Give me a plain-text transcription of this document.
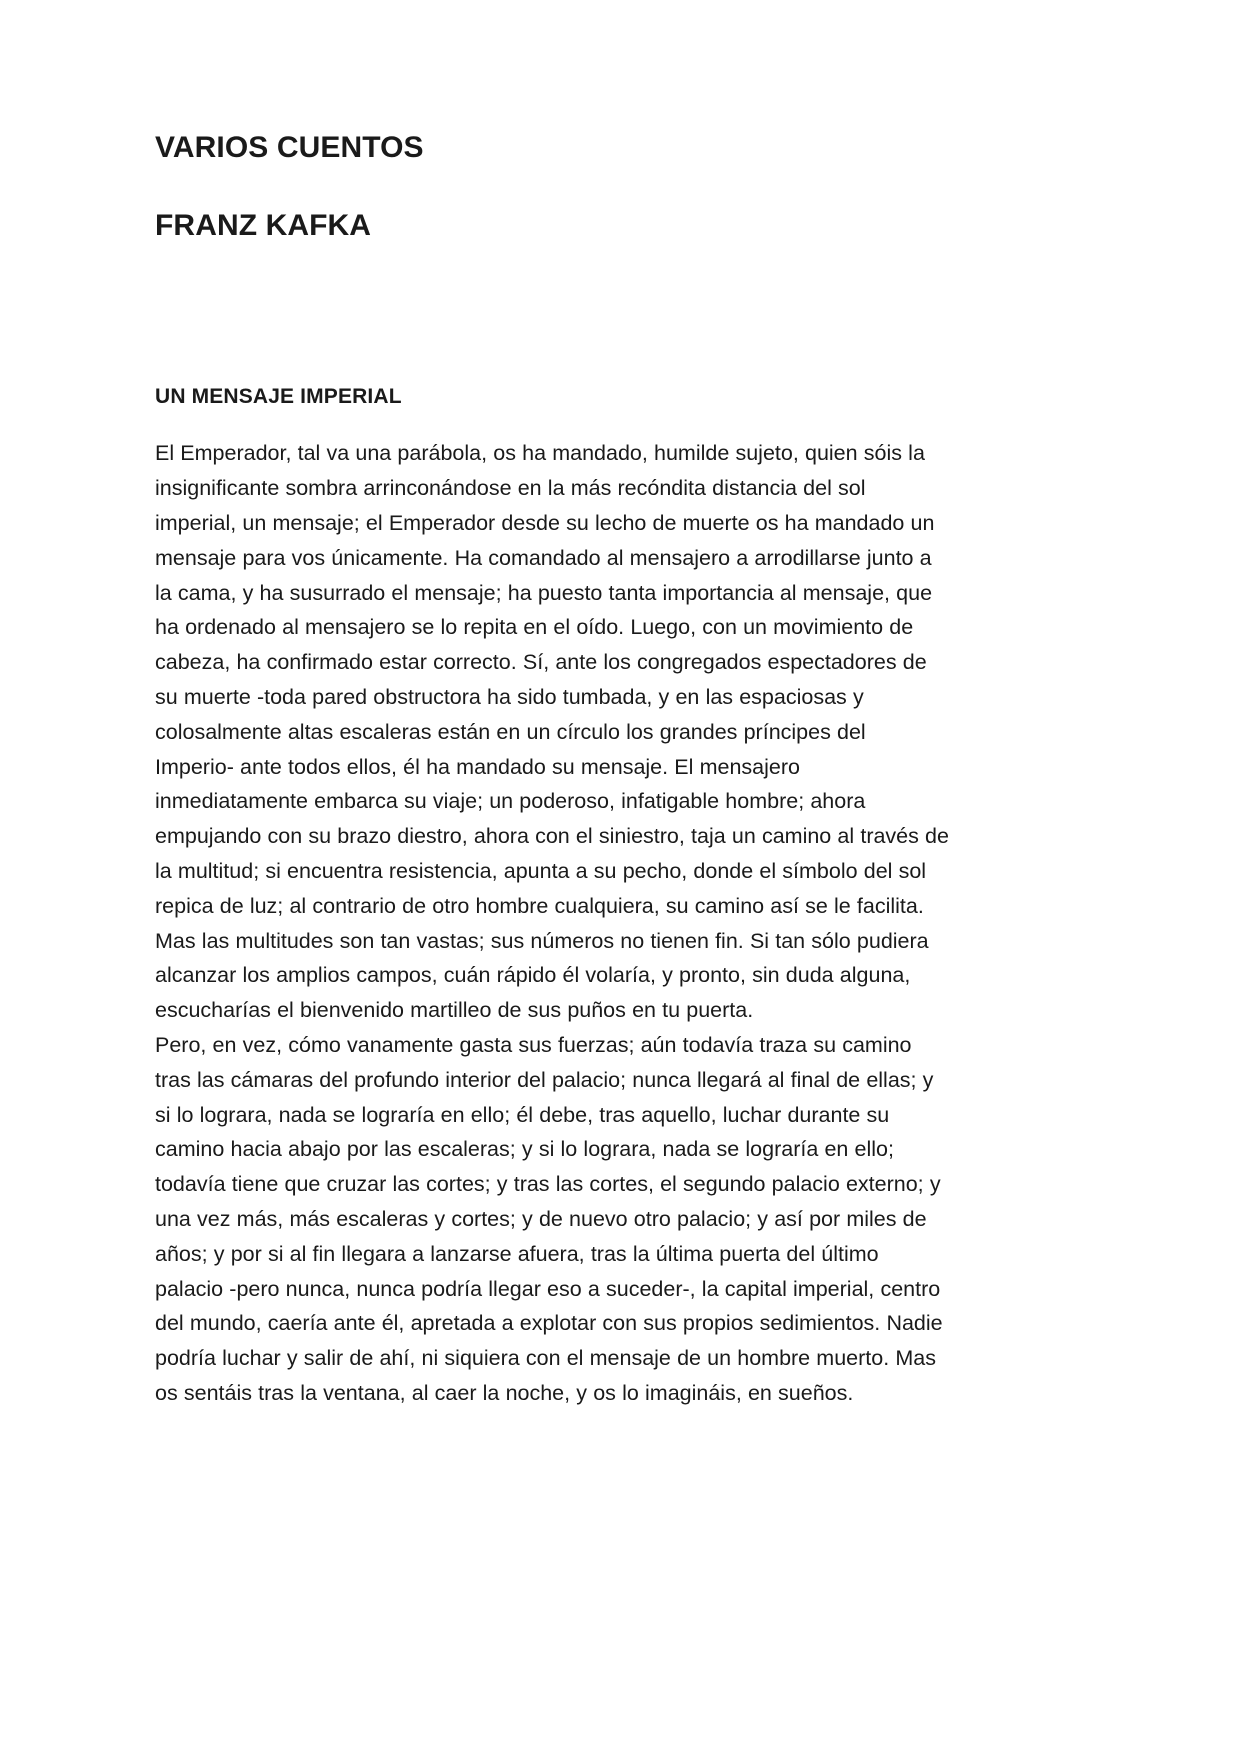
VARIOS CUENTOS
FRANZ KAFKA
UN MENSAJE IMPERIAL

El Emperador, tal va una parábola, os ha mandado, humilde sujeto, quien sóis la insignificante sombra arrinconándose en la más recóndita distancia del sol imperial, un mensaje; el Emperador desde su lecho de muerte os ha mandado un mensaje para vos únicamente. Ha comandado al mensajero a arrodillarse junto a la cama, y ha susurrado el mensaje; ha puesto tanta importancia al mensaje, que ha ordenado al mensajero se lo repita en el oído. Luego, con un movimiento de cabeza, ha confirmado estar correcto. Sí, ante los congregados espectadores de su muerte -toda pared obstructora ha sido tumbada, y en las espaciosas y colosalmente altas escaleras están en un círculo los grandes príncipes del Imperio- ante todos ellos, él ha mandado su mensaje. El mensajero inmediatamente embarca su viaje; un poderoso, infatigable hombre; ahora empujando con su brazo diestro, ahora con el siniestro, taja un camino al través de la multitud; si encuentra resistencia, apunta a su pecho, donde el símbolo del sol repica de luz; al contrario de otro hombre cualquiera, su camino así se le facilita. Mas las multitudes son tan vastas; sus números no tienen fin. Si tan sólo pudiera alcanzar los amplios campos, cuán rápido él volaría, y pronto, sin duda alguna, escucharías el bienvenido martilleo de sus puños en tu puerta.

Pero, en vez, cómo vanamente gasta sus fuerzas; aún todavía traza su camino tras las cámaras del profundo interior del palacio; nunca llegará al final de ellas; y si lo lograra, nada se lograría en ello; él debe, tras aquello, luchar durante su camino hacia abajo por las escaleras; y si lo lograra, nada se lograría en ello; todavía tiene que cruzar las cortes; y tras las cortes, el segundo palacio externo; y una vez más, más escaleras y cortes; y de nuevo otro palacio; y así por miles de años; y por si al fin llegara a lanzarse afuera, tras la última puerta del último palacio -pero nunca, nunca podría llegar eso a suceder-, la capital imperial, centro del mundo, caería ante él, apretada a explotar con sus propios sedimientos. Nadie podría luchar y salir de ahí, ni siquiera con el mensaje de un hombre muerto. Mas os sentáis tras la ventana, al caer la noche, y os lo imagináis, en sueños.
